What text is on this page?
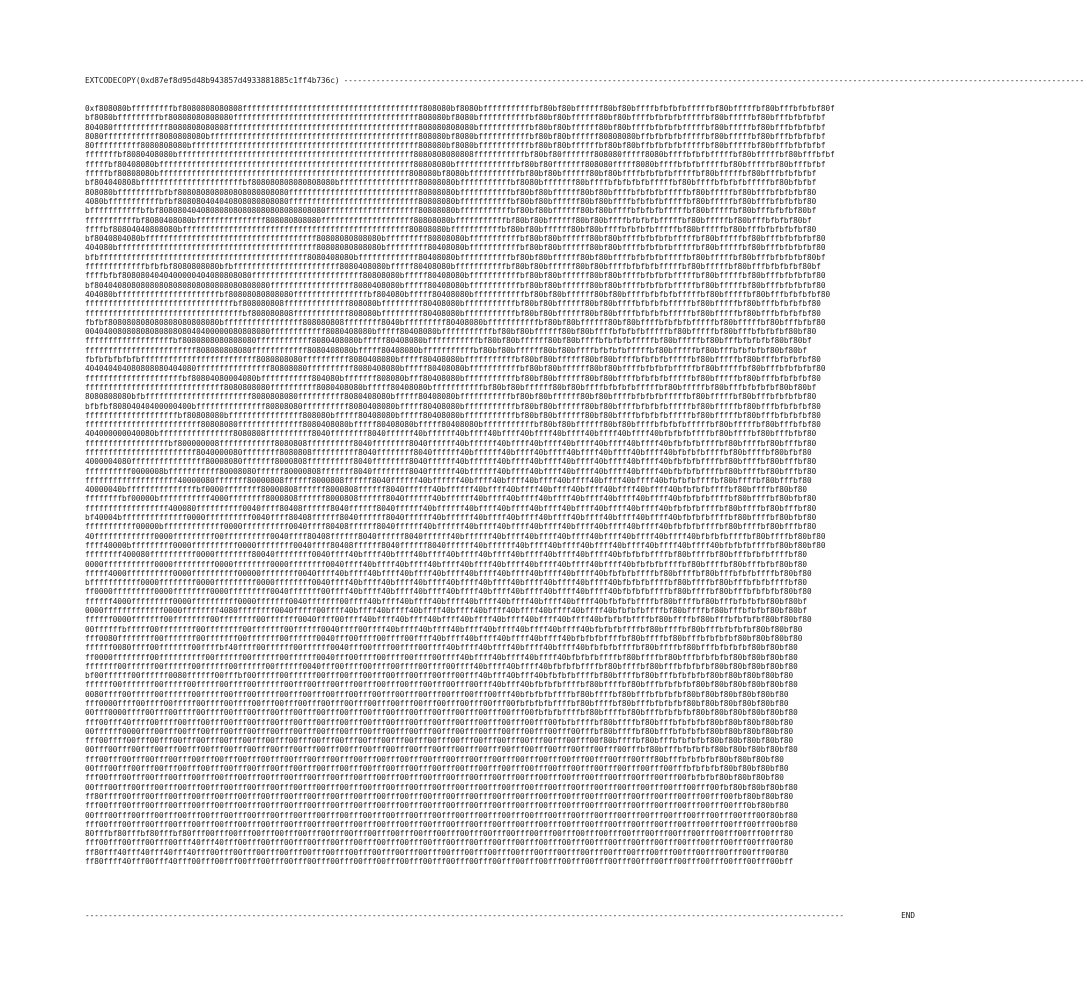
EXTCODECOPY(0xd87ef8d95d48b943857d4933881885c1ff4b736c) ----------------------------------------------------------------------------------------------------------------------------------------------------------------
0xf808080bfffffffffbf8080808080808fffffffffffffffffffffffffffffffffffffff808080bf8080bfffffffffffbf80bf80bffffff80bf80bffffbfbfbfbfffffbf80bfffffbf80bfffbfbfbf80f
bf8080bfffffffffbf80808080808080ffffffffffffffffffffffffffffffffffffffff808080bf8080bfffffffffffbf80bf80bffffff80bf80bffffbfbfbfbfffffbf80bfffffbf80bfffbfbfbfbf
804080ffffffffffff8080808080808fffffffffffffffffffffffffffffffffffffffff808080808080bfffffffffffbf80bf80bffffff80bf80bffffbfbfbfbfffffbf80bfffffbf80bfffbfbfbfbf
8080ffffffffffff8080808080bfffffffffffffffffffffffffffffffffffffffffffff808080bf8080bfffffffffffbf80bf80bffffff80808080bffbfbfbfbfffffbf80bfffffbf80bfffbfbfbfbf
80ffffffffff8080808080bfffffffffffffffffffffffffffffffffffffffffffffffff808080bf8080bfffffffffffbf80bf80bffffffbf80bf80bffbfbfbfbfffffbf80bfffffbf80bfffbfbfbfbf
fffffffbf8080408080bfffffffffffffffffffffffffffffffffffffffffffffffffff8080808080808fffffffffffbf80bf80fffffff808080fffff8080bffffbfbfbfffffbf80bfffffbf80bfffbfbf
fffffbf80408080bfffffffffffffffffffffffffffffffffffffffffffffffffffffff80808080bfffffffffffffbf80bf80fffffff808080fffff8080bffffbfbfbfffffbf80bfffffbf80bfffbfbf
fffffbf80808080bffffffffffffffffffffffffffffffffffffffffffffffffffffff808080bf8080bfffffffffffbf80bf80bffffff80bf80bffffbfbfbfbfffffbf80bfffffbf80bfffbfbfbfbf
bf804040808bffffffffffffffffffffffbf808080808080808080bfffffffffffffffff80808080bfffffffffffbf8080bfffffff80bffffbfbfbfbfbfffffbf80bffffbfbfbfbfffffbf80bfbfbf
808080bfffffffffbfbf808080808080808080808080ffffffffffffffffffffffffffff80808080bfffffffffffbf80bf80bffffff80bf80bffffbfbfbfbfffffbf80bfffffbf80bfffbfbfbfbf80
4080bfffffffffffbfbf808080404040808080808080ffffffffffffffffffffffffffff80808080bfffffffffffbf80bf80bffffff80bf80bffffbfbfbfbfffffbf80bfffffbf80bfffbfbfbfbf80
bfffffffffffbfbf808080404080808080808080808080808080ffffffffffffffffffff80808080bfffffffffffbf80bf80bffffff80bf80bffffbfbfbfbfffffbf80bfffffbf80bfffbfbfbf80bf
fffffffffffbf8080408080bfffffffffffffff808080808080ffffffffffffffffffff80808080bfffffffffffbf80bf80bffffff80bf80bffffbfbfbfbfffffbf80bfffffbf80bfffbfbfbf80bf
ffffbf80804040808080bfffffffffffffffffffffffffffffffffffffffffffffffff80808080bfffffffffffbf80bf80bffffff80bf80bffffbfbfbfbfffffbf80bfffffbf80bfffbfbfbfbfbf80
bf8040804080bfffffffffffffffffffffffffffffffffffff80808080808080bfffffffff80808080bfffffffffffbf80bf80bffffff80bf80bffffbfbfbfbfffffbf80bfffffbf80bfffbfbfbfbf80
404080bfffffffffffffffffffffffffffffffffffffffffff80808080808080bfffffffff80408080bfffffffffffbf80bf80bffffff80bf80bffffbfbfbfbfffffbf80bfffffbf80bfffbfbfbfbf80
bfbfffffffffffffffffffffffffffffffffffffffffffff8080408080bfffffffffffff80408080bfffffffffffbf80bf80bffffff80bf80bffffbfbfbfbfffffbf80bfffffbf80bfffbfbfbfbf80bf
fffffffffffffbfbfbf8080808080bfbfffffffffffffffffffffff8080408080bfffff80408080bfffffffffffbf80bf80bffffff80bf80bffffbfbfbfbfffffbf80bfffffbf80bfffbfbfbfbf80bf
ffffbfbf8080804040400000404080808080ffffffffffffffffffffffff80808080bfffff80408080bfffffffffffbf80bf80bffffff80bf80bffffbfbfbfbfffffbf80bfffffbf80bfffbfbfbfbf80
bf80404080808080808080808080808080808080ffffffffffffffffff8080408080bfffff80408080bfffffffffffbf80bf80bffffff80bf80bffffbfbfbfbfffffbf80bfffffbf80bfffbfbfbfbf80
404080bffffffffffffffffffffffbf80808080808080ffffffffffffffffbf804080bfffff80408080bfffffffffffbf80bf80bffffff80bf80bffffbfbfbfbfffffbf80bfffffbf80bfffbfbfbfbf80
ffffffffffffffffffffffffffffffffbf808080808ffffffffffffff808080bfffffffff80408080bfffffffffffbf80bf80bffffff80bf80bffffbfbfbfbfffffbf80bfffffbf80bfffbfbfbfbf80
ffffffffffffffffffffffffffffffffffbf808080808ffffffffffff808080bfffffffff80408080bfffffffffffbf80bf80bffffff80bf80bffffbfbfbfbfffffbf80bfffffbf80bfffbfbfbfbf80
fbfbf808080808080808080808080bfffffffffffffffff808080808ffffffff8040bfffffffff80408080bfffffffffffbf80bf80bffffff80bf80bffffbfbfbfbfffffbf80bfffffbf80bfffbfbf80
0040400808080808080808040400000080808080ffffffffffff8080408080bfffff80408080bfffffffffffbf80bf80bffffff80bf80bffffbfbfbfbfffffbf80bfffffbf80bfffbfbfbfbf80bf80
fffffffffffffffffffbf8080808080808080ffffffffffff8080408080bfffff80408080bfffffffffffbf80bf80bffffff80bf80bffffbfbfbfbfffffbf80bfffffbf80bfffbfbfbfbf80bf80bf
ffffffffffffffffffffffff808080808080ffffffffffff8080408080bfffff80408080bfffffffffffbf80bf80bffffff80bf80bffffbfbfbfbfffffbf80bfffffbf80bfffbfbfbfbf80bf80bf
fbfbfbfbfbfbfffffffffffffffffffffffff8080808080ffffffffff8080408080bfffff80408080bfffffffffffbf80bf80bffffff80bf80bffffbfbfbfbfffffbf80bfffffbf80bfffbfbfbfbf80
404040404080808080404080ffffffffffffffff80808080ffffffffff8080408080bfffff80408080bfffffffffffbf80bf80bffffff80bf80bffffbfbfbfbfffffbf80bfffffbf80bfffbfbfbfbf80
fffffffffffffffffffffbf80804080004080bfffffffffff804080bfffffff808080bfff80408080bfffffffffffbf80bf80bffffff80bf80bffffbfbfbfbfffffbf80bfffffbf80bfffbfbfbfbf80
ffffffffffffffffffffffffffffff8080808080ffffffffff8080408080bfffff80408080bfffffffffffbf80bf80bffffff80bf80bffffbfbfbfbfffffbf80bfffffbf80bfffbfbfbfbf80bf80bf
8080808080bfbfffffffffffffffffffffff8080808080ffffffffff8080408080bfffff80408080bfffffffffffbf80bf80bffffff80bf80bffffbfbfbfbfffffbf80bfffffbf80bfffbfbfbfbf80
bfbfbf80804040400000400bfffffffffffffff80808080ffffffffff8080408080bfffff80408080bfffffffffffbf80bf80bffffff80bf80bffffbfbfbfbfffffbf80bfffffbf80bfffbfbfbfbf80
ffffffffffffffffffffbf80808080bffffffffffffffff808080bfffff80408080bfffff80408080bfffffffffffbf80bf80bffffff80bf80bffffbfbfbfbfffffbf80bfffffbf80bfffbfbfbfbf80
fffffffffffffffffffffffff80808080ffffffffffffff8080408080bfffff80408080bfffff80408080bfffffffffffbf80bf80bffffff80bf80bffffbfbfbfbfffffbf80bfffffbf80bfffbfbf80
404000000040080bffffffffffffffff8080808ffffffffff8040ffffffff8040ffffff40bffffff40bffff40bffff40bffff40bffff40bffff40bffff40bfbfbfbffffbf80bffffbf80bfffbfbf80
ffffffffffffffffffbf800000008ffffffffffff8080808ffffffffff8040ffffffff8040ffffff40bffffff40bffff40bffff40bffff40bffff40bffff40bfbfbfbffffbf80bffffbf80bfffbf80
ffffffffffffffffffffffff8040000080ffffffff8080808ffffffffff8040ffffffff8040ffffff40bffffff40bffff40bffff40bffff40bffff40bffff40bfbfbfbffffbf80bffffbf80bfbf80
4000004080ffffffffffffffff80008080fffffff8000808ffffffffff8040ffffffff8040ffffff40bffffff40bffff40bffff40bffff40bffff40bffff40bfbfbfbffffbf80bffffbf80bfffbf80
ffffffffff0000008bfffffffffff80008080ffffff80000808fffffff8040ffffffff8040ffffff40bffffff40bffff40bffff40bffff40bffff40bffff40bfbfbfbffffbf80bffffbf80bfffbf80
ffffffffffffffffffff40000080fffffff80000808ffffff8000808ffffff8040ffffff40bffffff40bffff40bffff40bffff40bffff40bffff40bffff40bfbfbfbffffbf80bffffbf80bfffbf80
40000040bfffffffffffffffbf0000ffffffff80000808ffffff8000808ffffff8040ffffff40bffffff40bffff40bffff40bffff40bffff40bffff40bffff40bfbfbfbffffbf80bffffbf80bf80
ffffffffbf00000bfffffffffff4000ffffffff8000808ffffff8000808ffffff8040ffffff40bffffff40bffff40bffff40bffff40bffff40bffff40bffff40bfbfbfbffffbf80bffffbf80bfbf80
ffffffffffffffffff400080ffffffffff0040ffff80408ffffff8040ffffff8040ffffff40bffffff40bffff40bffff40bffff40bffff40bffff40bffff40bfbfbfbffffbf80bffffbf80bfffbf80
bf40004bffffffffffffff0000ffffffffff0040ffff80408ffffff8040ffffff8040ffffff40bffffff40bffff40bffff40bffff40bffff40bffff40bffff40bfbfbfbffffbf80bffffbf80bfbf80
fffffffffff00000bfffffffffffff0000ffffffffff0040ffff80408ffffff8040ffffff40bffffff40bffff40bffff40bffff40bffff40bffff40bffff40bfbfbfbffffbf80bffffbf80bfffbf80
40fffffffffffff0000fffffffff00ffffffffff0040ffff80408ffffff8040ffffff8040ffffff40bffffff40bffff40bffff40bffff40bffff40bffff40bffff40bfbfbfbffffbf80bffffbf80bf80
ffff40000bfffffffff0000ffffffffff0000ffffffff0040ffff80408ffffff8040ffffff8040ffffff40bffffff40bffff40bffff40bffff40bffff40bffff40bffff40bfbfbfbffffbf80bf80bf80
ffffffff400080ffffffffff0000ffffffff80040ffffffff0040ffff40bffff40bffff40bffff40bffff40bffff40bffff40bffff40bffff40bfbfbfbffffbf80bffffbf80bfffbfbfbffffbf80
0000fffffffffff0000fffffffff0000ffffffff0000ffffffff0040ffff40bffff40bffff40bffff40bffff40bffff40bffff40bffff40bffff40bfbfbfbffffbf80bffffbf80bfffbfbf80bf80
fffff4000ffffffffff0000ffffffffff00000ffffffff0040ffff40bffff40bffff40bffff40bffff40bffff40bffff40bffff40bffff40bfbfbfbffffbf80bffffbf80bfffbfbfbffffbf80bf80
bfffffffffff0000ffffffff0000fffffffff0000ffffffff0040ffff40bffff40bffff40bffff40bffff40bffff40bffff40bffff40bffff40bfbfbfbffffbf80bffffbf80bfffbfbfbffffbf80
ff0000fffffffff0000ffffffff0000fffffffff0040fffffff00ffff40bffff40bffff40bffff40bffff40bffff40bffff40bffff40bffff40bfbfbfbffffbf80bffffbf80bfffbfbfbfbf80bf80
ffffff4000fffffffff0000ffffffffff0000fffffff0040fffffff00ffff40bffff40bffff40bffff40bffff40bffff40bffff40bffff40bfbfbfbffffbf80bffffbf80bfffbfbfbfbf80bf80bf
0000fffffffffffff0000ffffffff4080ffffffff0040fffff00ffff40bffff40bffff40bffff40bffff40bffff40bffff40bffff40bffff40bfbfbfbffffbf80bffffbf80bfffbfbfbf80bf80bf
ffffff0000fffffff00ffffffff00ffffffff00fffffff0040ffff00ffff40bffff40bffff40bffff40bffff40bffff40bffff40bffff40bfbfbfbffffbf80bffffbf80bfffbfbfbfbf80bf80bf80
00ffffffbfffff00ffffffff00ffffffff00fffffff00ffffff0040ffff00ffff40bffff40bffff40bffff40bffff40bffff40bffff40bfbfbfbffffbf80bffffbf80bfffbfbfbfbf80bf80bf80
fff0080ffffffff00fffffff00fffffff00fffffff00ffffff0040fff00ffff00ffff00ffff40bffff40bffff40bffff40bffff40bfbfbfbffffbf80bffffbf80bfffbfbfbfbf80bf80bf80bf80
ffffff0080ffff00fffffff00ffffbf40ffff00ffffff00ffffff0040fff00ffff00ffff00ffff40bffff40bffff40bffff40bffff40bfbfbfbffffbf80bffffbf80bfffbfbfbfbf80bf80bf80
ff0000ffffffff00ffffffffff00ffffff00ffffff00ffffff0040fff00ffff00ffff00ffff00ffff40bffff40bffff40bffff40bfbfbfbffffbf80bffffbf80bfffbfbfbfbf80bf80bf80bf80
fffffff00ffffff00ffffff00ffffff00ffffff00ffffff0040fff00ffff00ffff00ffff00ffff00ffff40bffff40bffff40bfbfbfbffffbf80bffffbf80bfffbfbfbfbf80bf80bf80bf80bf80
bf00ffffff00ffffff0080ffffff00fffbf00fffff00ffffff00fff00fff00fff00fff00fff00fff00fff40bfff40bfff40bfbfbfbffffbf80bffffbf80bfffbfbfbfbf80bf80bf80bf80bf80
ffffff00fffffff00fffff00fffff00ffff00ffffff00fff00fff00fff00fff00fff00fff00fff00fff00fff40bfff40bfbfbfbffffbf80bffffbf80bfffbfbfbfbf80bf80bf80bf80bf80bf80
0080ffff00fffff00ffffff00fffff00fff00fffff00fff00fff00fff00fff00fff00fff00fff00fff00fff00fff40bfbfbfbffffbf80bffffbf80bfffbfbfbfbf80bf80bf80bf80bf80bf80
fff0000ffff00ffff00fffff00ffff00ffff00fff00fff00fff00fff00fff00fff00fff00fff00fff00fff00fff00fbfbfbfbffffbf80bffffbf80bfffbfbfbfbf80bf80bf80bf80bf80bf80
00fff0000ffff00fff00ffff00ffff00fff00fff00fff00fff00fff00fff00fff00fff00fff00fff00fff00fff00fff00fbfbfbffffbf80bffffbf80bfffbfbfbfbf80bf80bf80bf80bf80bf80
fff00fff40ffff00ffff00fff00fff00fff00fff00fff00fff00fff00fff00fff00fff00fff00fff00fff00fff00fff00fff00fbfbffffbf80bffffbf80bfffbfbfbfbf80bf80bf80bf80bf80
00ffffff0000fff00fff00fff00fff00fff00fff00fff00fff00fff00fff00fff00fff00fff00fff00fff00fff00fff00fff00fff00fffbf80bffffbf80bfffbfbfbfbf80bf80bf80bf80bf80
fff00ffff00fff00fff00fff00fff00fff00fff00fff00fff00fff00fff00fff00fff00fff00fff00fff00fff00fff00fff00fff00fff00f80bffffbf80bfffbfbfbfbf80bf80bf80bf80bf80
00fff00fff00fff00fff00fff00fff00fff00fff00fff00fff00fff00fff00fff00fff00fff00fff00fff00fff00fff00fff00fff00fff00fff00fffbf80bfffbfbfbfbf80bf80bf80bf80bf80
fff00fff00fff00fff00fff00fff00fff00fff00fff00fff00fff00fff00fff00fff00fff00fff00fff00fff00fff00fff00fff00fff00fff00fff00fff80bfffbfbfbfbf80bf80bf80bf80
00fff00fff00fff00fff00fff00fff00fff00fff00fff00fff00fff00fff00fff00fff00fff00fff00fff00fff00fff00fff00fff00fff00fff00fff00fff00fffbfbfbfbf80bf80bf80bf80
fff00fff00fff00fff00fff00fff00fff00fff00fff00fff00fff00fff00fff00fff00fff00fff00fff00fff00fff00fff00fff00fff00fff00fff00fff00fff00fbfbfbf80bf80bf80bf80
00fff00fff00fff00fff00fff00fff00fff00fff00fff00fff00fff00fff00fff00fff00fff00fff00fff00fff00fff00fff00fff00fff00fff00fff00fff00fff00fff00fbf80bf80bf80bf80
ff80ffff00fff00fff00fff00fff00fff00fff00fff00fff00fff00fff00fff00fff00fff00fff00fff00fff00fff00fff00fff00fff00fff00fff00fff00fff00fff00fff00fbf80bf80bf80
fff00fff00fff00fff00fff00fff00fff00fff00fff00fff00fff00fff00fff00fff00fff00fff00fff00fff00fff00fff00fff00fff00fff00fff00fff00fff00fff00fff00fff0bf80bf80
00fff00fff00fff00fff00fff00fff00fff00fff00fff00fff00fff00fff00fff00fff00fff00fff00fff00fff00fff00fff00fff00fff00fff00fff00fff00fff00fff00fff00fff00f80bf80
fff00fff00fff00fff00fff00fff00fff00fff00fff00fff00fff00fff00fff00fff00fff00fff00fff00fff00fff00fff00fff00fff00fff00fff00fff00fff00fff00fff00fff00fff00bf80
80fffbf80fffbf80fffbf80fff00fff00fff00fff00fff00fff00fff00fff00fff00fff00fff00fff00fff00fff00fff00fff00fff00fff00fff00fff00fff00fff00fff00fff00fff00fff80
fff00fff00fff00fff00fff40fff40fff00fff00fff00fff00fff00fff00fff00fff00fff00fff00fff00fff00fff00fff00fff00fff00fff00fff00fff00fff00fff00fff00fff00fff00f80
ff80fff40fff40fff40fff40fff00fff00fff00fff00fff00fff00fff00fff00fff00fff00fff00fff00fff00fff00fff00fff00fff00fff00fff00fff00fff00fff00fff00fff00fff00f80
ff80ffff40fff00fff40fff00fff00fff00fff00fff00fff00fff00fff00fff00fff00fff00fff00fff00fff00fff00fff00fff00fff00fff00fff00fff00fff00fff00fff00fff00fff00bff
--------------------------------------------------------------------------------------------------------------------------------------------------------------------	END
